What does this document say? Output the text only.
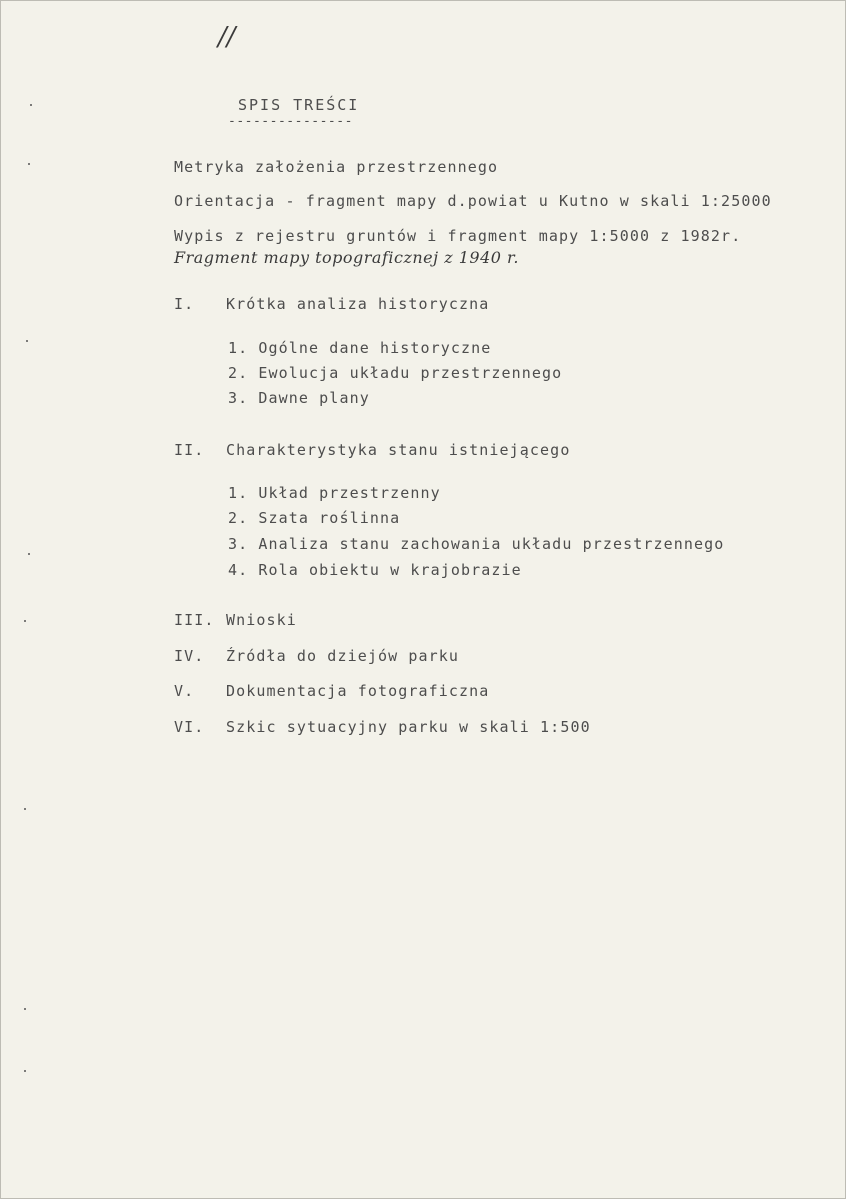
//
SPIS TREŚCI
---------------
Metryka założenia przestrzennego
Orientacja - fragment mapy d.powiat u Kutno w skali 1:25000
Wypis z rejestru gruntów i fragment mapy 1:5000 z 1982r.
Fragment mapy topograficznej z 1940 r.
I. Krótka analiza historyczna
1. Ogólne dane historyczne
2. Ewolucja układu przestrzennego
3. Dawne plany
II. Charakterystyka stanu istniejącego
1. Układ przestrzenny
2. Szata roślinna
3. Analiza stanu zachowania układu przestrzennego
4. Rola obiektu w krajobrazie
III. Wnioski
IV. Źródła do dziejów parku
V. Dokumentacja fotograficzna
VI. Szkic sytuacyjny parku w skali 1:500
